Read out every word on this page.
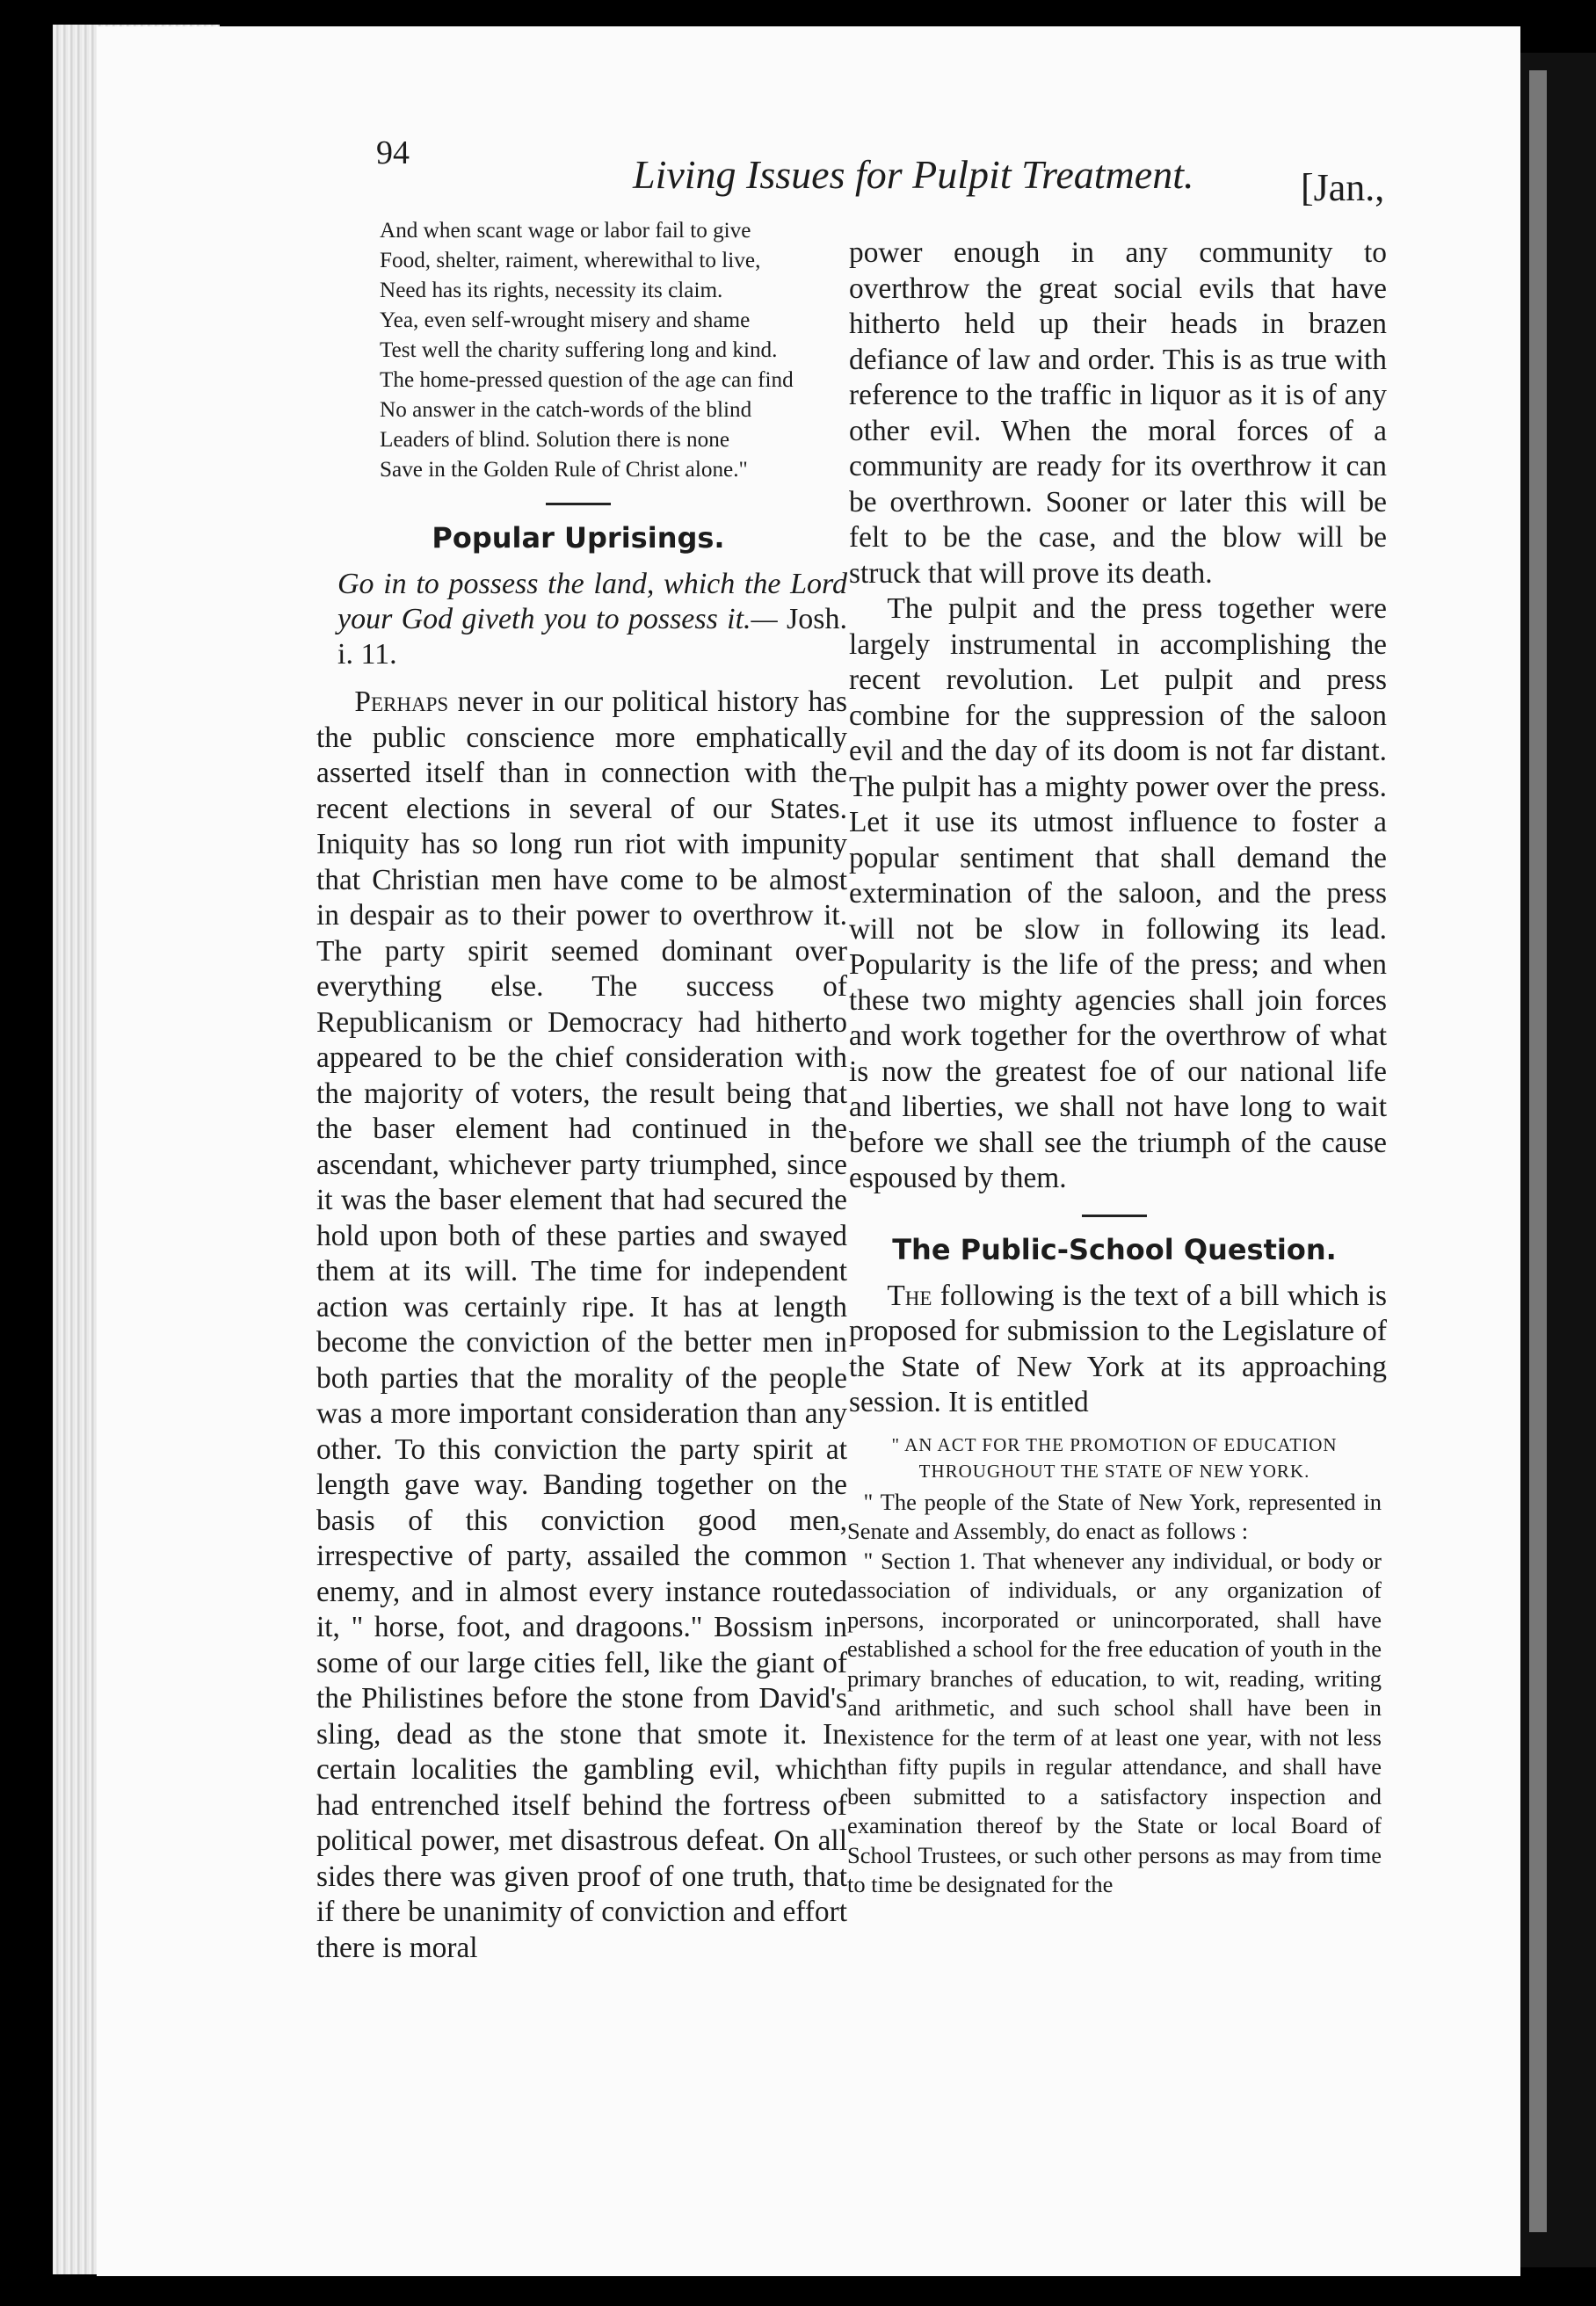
94	Living Issues for Pulpit Treatment.	[Jan.,
And when scant wage or labor fail to give
Food, shelter, raiment, wherewithal to live,
Need has its rights, necessity its claim.
Yea, even self-wrought misery and shame
Test well the charity suffering long and kind.
The home-pressed question of the age can find
No answer in the catch-words of the blind
Leaders of blind. Solution there is none
Save in the Golden Rule of Christ alone."
Popular Uprisings.
Go in to possess the land, which the Lord your God giveth you to possess it.— Josh. i. 11.

Perhaps never in our political history has the public conscience more emphatically asserted itself than in connection with the recent elections in several of our States. Iniquity has so long run riot with impunity that Christian men have come to be almost in despair as to their power to overthrow it. The party spirit seemed dominant over everything else. The success of Republicanism or Democracy had hitherto appeared to be the chief consideration with the majority of voters, the result being that the baser element had continued in the ascendant, whichever party triumphed, since it was the baser element that had secured the hold upon both of these parties and swayed them at its will. The time for independent action was certainly ripe. It has at length become the conviction of the better men in both parties that the morality of the people was a more important consideration than any other. To this conviction the party spirit at length gave way. Banding together on the basis of this conviction good men, irrespective of party, assailed the common enemy, and in almost every instance routed it, " horse, foot, and dragoons." Bossism in some of our large cities fell, like the giant of the Philistines before the stone from David's sling, dead as the stone that smote it. In certain localities the gambling evil, which had entrenched itself behind the fortress of political power, met disastrous defeat. On all sides there was given proof of one truth, that if there be unanimity of conviction and effort there is moral

power enough in any community to overthrow the great social evils that have hitherto held up their heads in brazen defiance of law and order. This is as true with reference to the traffic in liquor as it is of any other evil. When the moral forces of a community are ready for its overthrow it can be overthrown. Sooner or later this will be felt to be the case, and the blow will be struck that will prove its death.

The pulpit and the press together were largely instrumental in accomplishing the recent revolution. Let pulpit and press combine for the suppression of the saloon evil and the day of its doom is not far distant. The pulpit has a mighty power over the press. Let it use its utmost influence to foster a popular sentiment that shall demand the extermination of the saloon, and the press will not be slow in following its lead. Popularity is the life of the press; and when these two mighty agencies shall join forces and work together for the overthrow of what is now the greatest foe of our national life and liberties, we shall not have long to wait before we shall see the triumph of the cause espoused by them.

The Public-School Question.

The following is the text of a bill which is proposed for submission to the Legislature of the State of New York at its approaching session. It is entitled

" AN ACT FOR THE PROMOTION OF EDUCATION THROUGHOUT THE STATE OF NEW YORK.

" The people of the State of New York, represented in Senate and Assembly, do enact as follows :

" Section 1. That whenever any individual, or body or association of individuals, or any organization of persons, incorporated or unincorporated, shall have established a school for the free education of youth in the primary branches of education, to wit, reading, writing and arithmetic, and such school shall have been in existence for the term of at least one year, with not less than fifty pupils in regular attendance, and shall have been submitted to a satisfactory inspection and examination thereof by the State or local Board of School Trustees, or such other persons as may from time to time be designated for the
